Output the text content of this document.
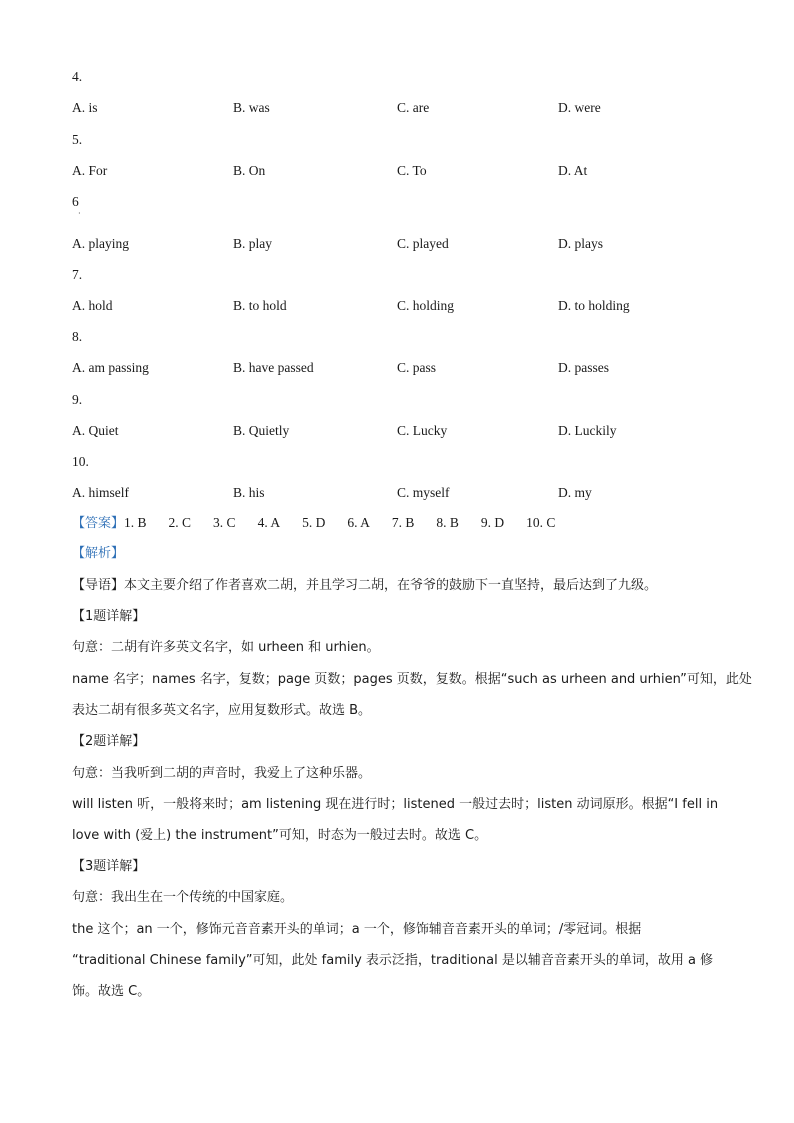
4.
A. is	B. was	C. are	D. were
5.
A. For	B. On	C. To	D. At
6
·
A. playing	B. play	C. played	D. plays
7.
A. hold	B. to hold	C. holding	D. to holding
8.
A. am passing	B. have passed	C. pass	D. passes
9.
A. Quiet	B. Quietly	C. Lucky	D. Luckily
10.
A. himself	B. his	C. myself	D. my
【答案】1. B 2. C 3. C 4. A 5. D 6. A 7. B 8. B 9. D 10. C
【解析】
【导语】本文主要介绍了作者喜欢二胡，并且学习二胡，在爷爷的鼓励下一直坚持，最后达到了九级。
【1题详解】
句意：二胡有许多英文名字，如 urheen 和 urhien。
name 名字；names 名字，复数；page 页数；pages 页数，复数。根据“such as urheen and urhien”可知，此处
表达二胡有很多英文名字，应用复数形式。故选 B。
【2题详解】
句意：当我听到二胡的声音时，我爱上了这种乐器。
will listen 听，一般将来时；am listening 现在进行时；listened 一般过去时；listen 动词原形。根据“I fell in
love with (爱上) the instrument”可知，时态为一般过去时。故选 C。
【3题详解】
句意：我出生在一个传统的中国家庭。
the 这个；an 一个，修饰元音音素开头的单词；a 一个，修饰辅音音素开头的单词；/零冠词。根据
“traditional Chinese family”可知，此处 family 表示泛指，traditional 是以辅音音素开头的单词，故用 a 修
饰。故选 C。
